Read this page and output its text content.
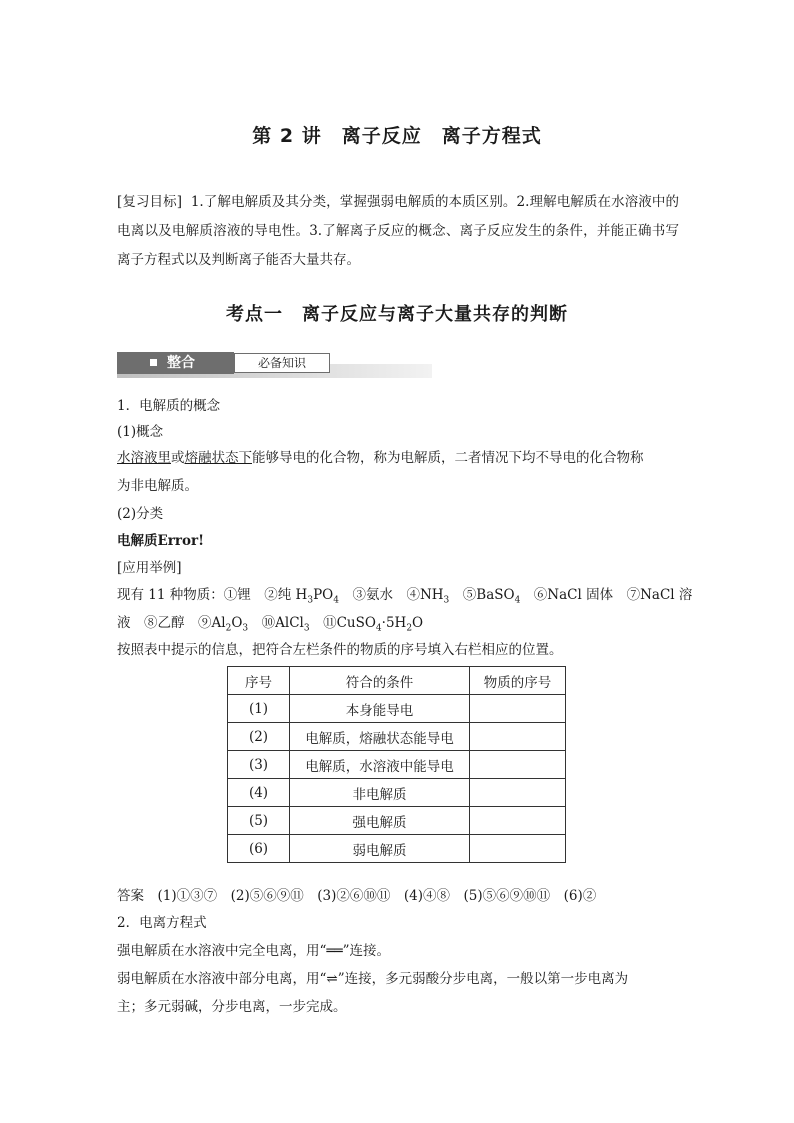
第 2 讲　离子反应　离子方程式
[复习目标] 1.了解电解质及其分类，掌握强弱电解质的本质区别。2.理解电解质在水溶液中的电离以及电解质溶液的导电性。3.了解离子反应的概念、离子反应发生的条件，并能正确书写离子方程式以及判断离子能否大量共存。
考点一　离子反应与离子大量共存的判断
整合	必备知识
1．电解质的概念
(1)概念
水溶液里或熔融状态下能够导电的化合物，称为电解质，二者情况下均不导电的化合物称
为非电解质。
(2)分类
电解质Error!
[应用举例]
现有 11 种物质：①锂　②纯 $H_3PO_4$　③氨水　$④NH_3$　⑤BaSO$_4$　⑥NaCl 固体　⑦NaCl 溶
液　⑧乙醇　$⑨Al_2O_3$　⑩AlCl$_3$　$⑪CuSO_4\cdot 5H_2O$
按照表中提示的信息，把符合左栏条件的物质的序号填入右栏相应的位置。
序号	符合的条件	物质的序号
(1)	本身能导电	
(2)	电解质，熔融状态能导电	
(3)	电解质，水溶液中能导电	
(4)	非电解质	
(5)	强电解质	
(6)	弱电解质	
答案　(1)①③⑦　(2)⑤⑥⑨⑪　(3)②⑥⑩⑪　(4)④⑧　(5)⑤⑥⑨⑩⑪　(6)②
2．电离方程式
强电解质在水溶液中完全电离，用“══”连接。
弱电解质在水溶液中部分电离，用“⇌”连接，多元弱酸分步电离，一般以第一步电离为
主；多元弱碱，分步电离，一步完成。
